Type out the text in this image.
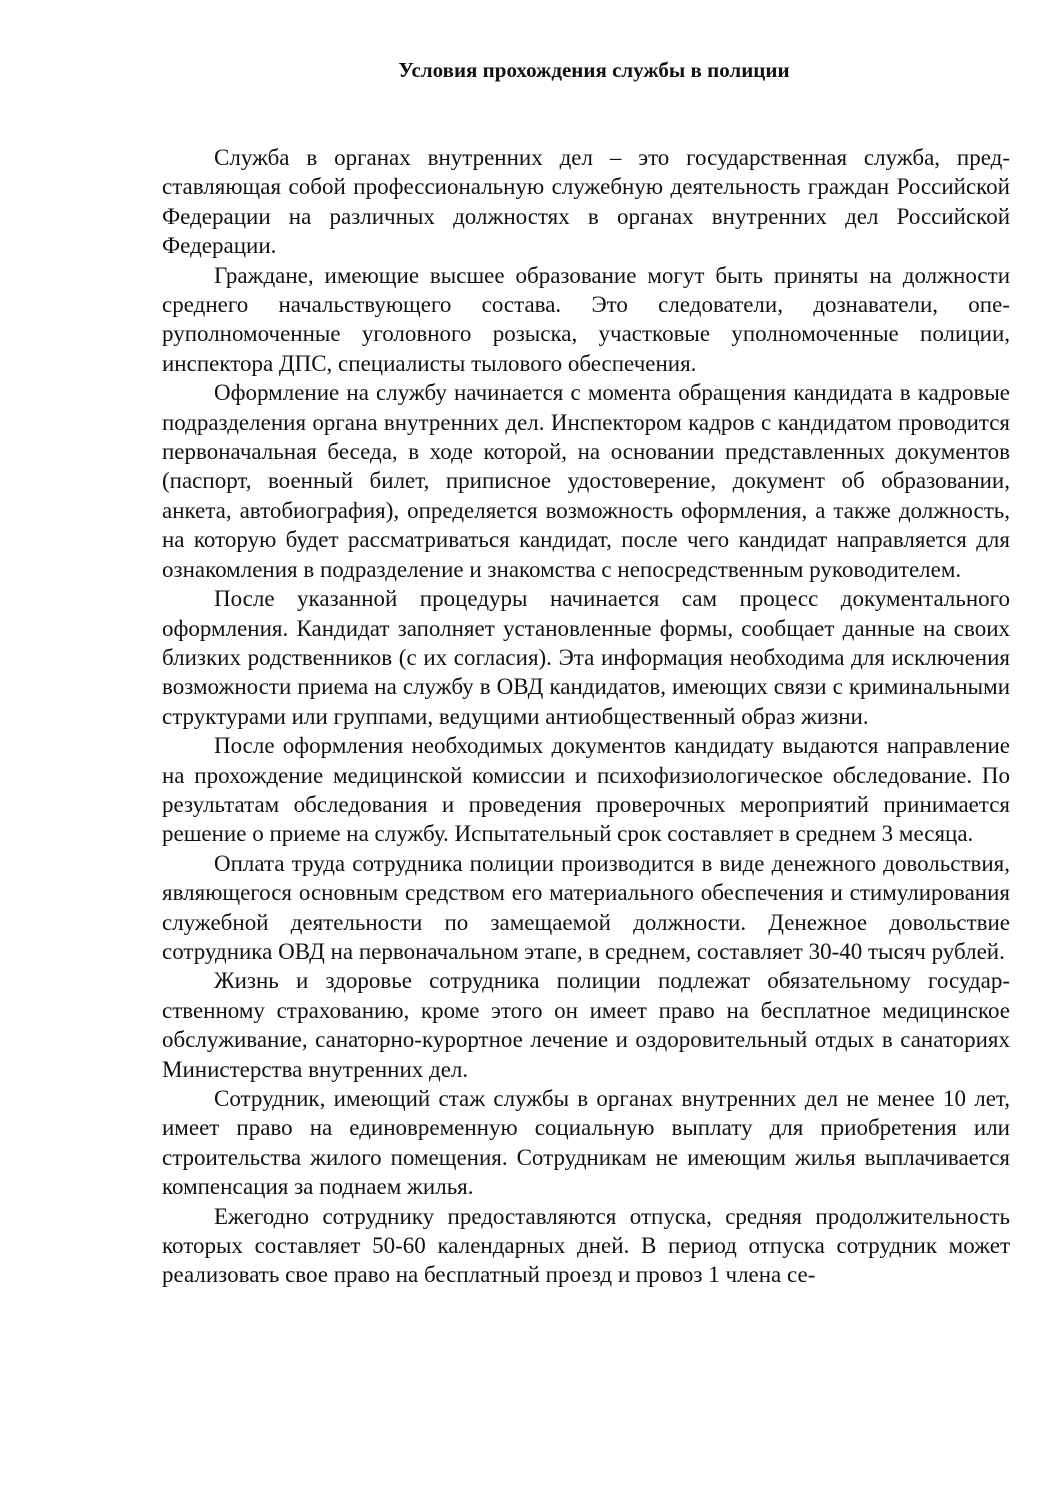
Условия прохождения службы в полиции

Служба в органах внутренних дел – это государственная служба, представляющая собой профессиональную служебную деятельность граждан Российской Федерации на различных должностях в органах внутренних дел Российской Федерации.

Граждане, имеющие высшее образование могут быть приняты на должности среднего начальствующего состава. Это следователи, дознаватели, оперуполномоченные уголовного розыска, участковые уполномоченные полиции, инспектора ДПС, специалисты тылового обеспечения.

Оформление на службу начинается с момента обращения кандидата в кадровые подразделения органа внутренних дел. Инспектором кадров с кандидатом проводится первоначальная беседа, в ходе которой, на основании представленных документов (паспорт, военный билет, приписное удостоверение, документ об образовании, анкета, автобиография), определяется возможность оформления, а также должность, на которую будет рассматриваться кандидат, после чего кандидат направляется для ознакомления в подразделение и знакомства с непосредственным руководителем.

После указанной процедуры начинается сам процесс документального оформления. Кандидат заполняет установленные формы, сообщает данные на своих близких родственников (с их согласия). Эта информация необходима для исключения возможности приема на службу в ОВД кандидатов, имеющих связи с криминальными структурами или группами, ведущими антиобщественный образ жизни.

После оформления необходимых документов кандидату выдаются направление на прохождение медицинской комиссии и психофизиологическое обследование. По результатам обследования и проведения проверочных мероприятий принимается решение о приеме на службу. Испытательный срок составляет в среднем 3 месяца.

Оплата труда сотрудника полиции производится в виде денежного довольствия, являющегося основным средством его материального обеспечения и стимулирования служебной деятельности по замещаемой должности. Денежное довольствие сотрудника ОВД на первоначальном этапе, в среднем, составляет 30-40 тысяч рублей.

Жизнь и здоровье сотрудника полиции подлежат обязательному государственному страхованию, кроме этого он имеет право на бесплатное медицинское обслуживание, санаторно-курортное лечение и оздоровительный отдых в санаториях Министерства внутренних дел.

Сотрудник, имеющий стаж службы в органах внутренних дел не менее 10 лет, имеет право на единовременную социальную выплату для приобретения или строительства жилого помещения. Сотрудникам не имеющим жилья выплачивается компенсация за поднаем жилья.

Ежегодно сотруднику предоставляются отпуска, средняя продолжительность которых составляет 50-60 календарных дней. В период отпуска сотрудник может реализовать свое право на бесплатный проезд и провоз 1 члена се-
